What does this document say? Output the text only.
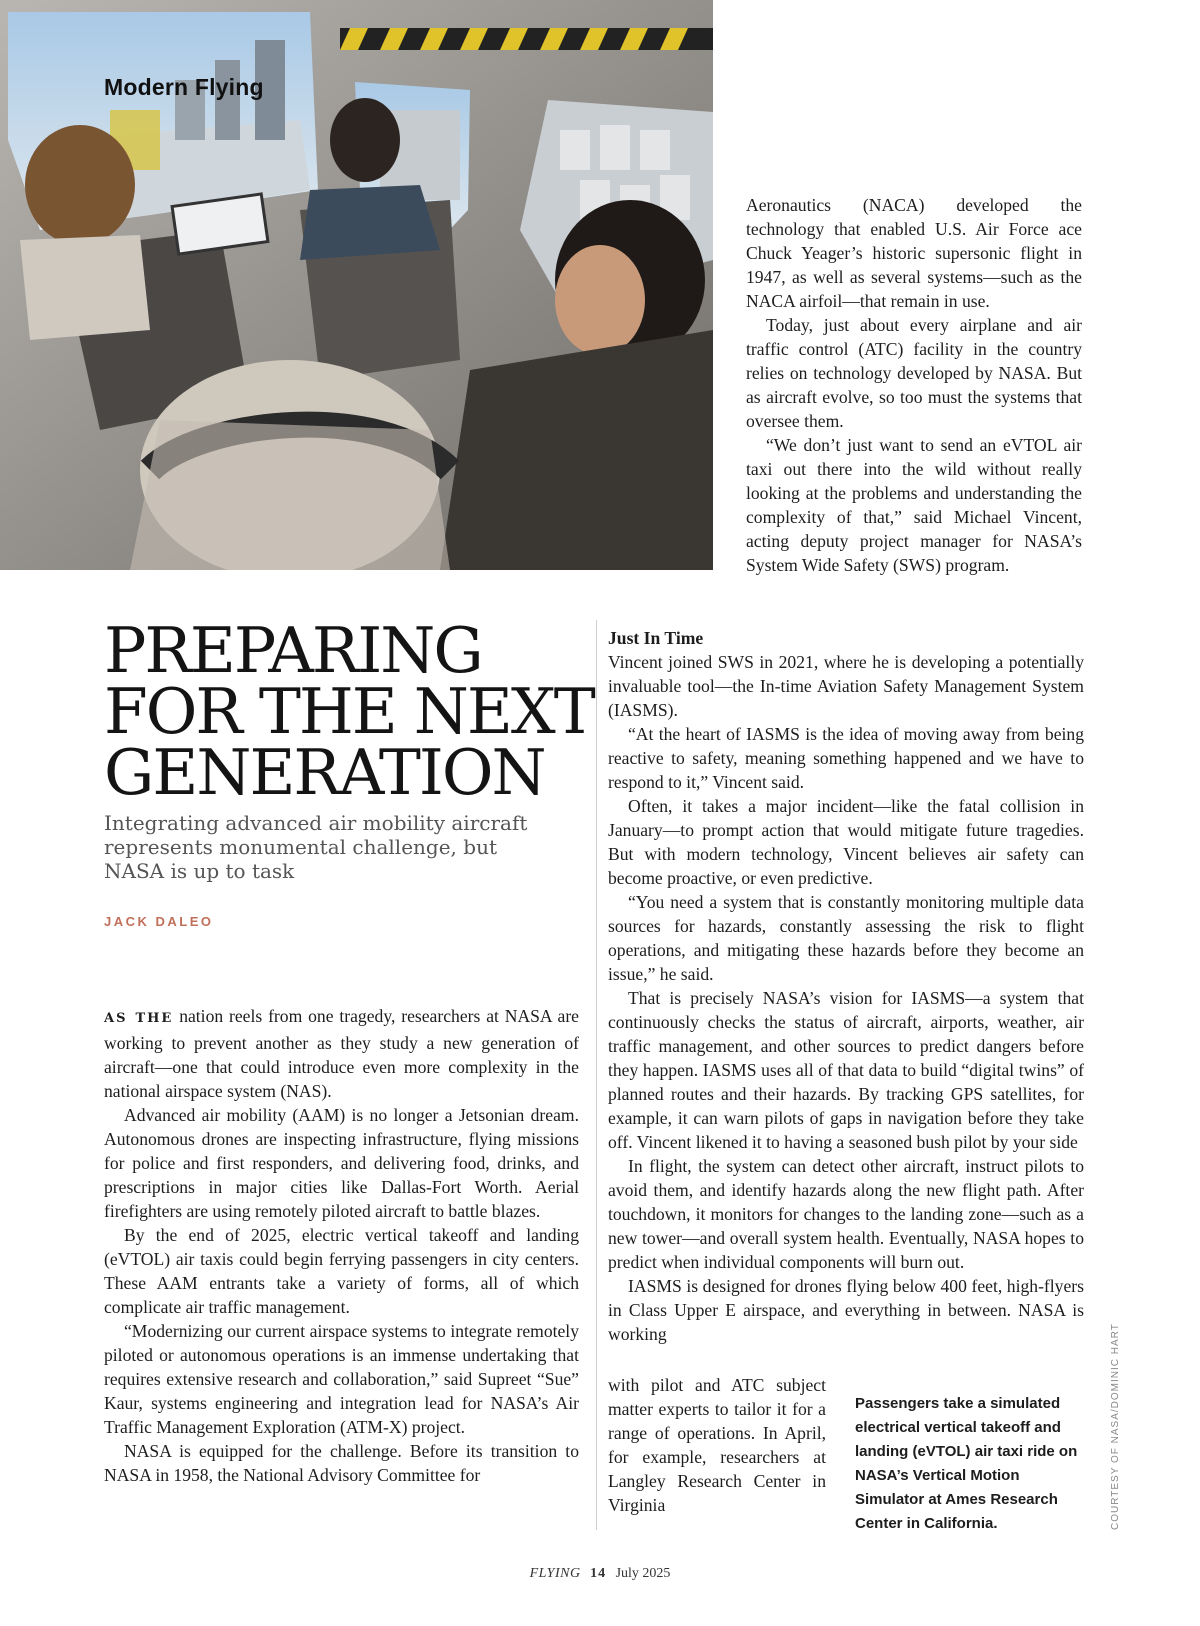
Modern Flying

Aeronautics (NACA) developed the technology that enabled U.S. Air Force ace Chuck Yeager’s historic supersonic flight in 1947, as well as several systems—such as the NACA airfoil—that remain in use.

Today, just about every airplane and air traffic control (ATC) facility in the country relies on technology developed by NASA. But as aircraft evolve, so too must the systems that oversee them.

“We don’t just want to send an eVTOL air taxi out there into the wild without really looking at the problems and understanding the complexity of that,” said Michael Vincent, acting deputy project manager for NASA’s System Wide Safety (SWS) program.

PREPARING FOR THE NEXT GENERATION

Integrating advanced air mobility aircraft represents monumental challenge, but NASA is up to task

JACK DALEO

AS THE nation reels from one tragedy, researchers at NASA are working to prevent another as they study a new generation of aircraft—one that could introduce even more complexity in the national airspace system (NAS).

Advanced air mobility (AAM) is no longer a Jetsonian dream. Autonomous drones are inspecting infrastructure, flying missions for police and first responders, and delivering food, drinks, and prescriptions in major cities like Dallas-Fort Worth. Aerial firefighters are using remotely piloted aircraft to battle blazes.

By the end of 2025, electric vertical takeoff and landing (eVTOL) air taxis could begin ferrying passengers in city centers. These AAM entrants take a variety of forms, all of which complicate air traffic management.

“Modernizing our current airspace systems to integrate remotely piloted or autonomous operations is an immense undertaking that requires extensive research and collaboration,” said Supreet “Sue” Kaur, systems engineering and integration lead for NASA’s Air Traffic Management Exploration (ATM-X) project.

NASA is equipped for the challenge. Before its transition to NASA in 1958, the National Advisory Committee for

Just In Time

Vincent joined SWS in 2021, where he is developing a potentially invaluable tool—the In-time Aviation Safety Management System (IASMS).

“At the heart of IASMS is the idea of moving away from being reactive to safety, meaning something happened and we have to respond to it,” Vincent said.

Often, it takes a major incident—like the fatal collision in January—to prompt action that would mitigate future tragedies. But with modern technology, Vincent believes air safety can become proactive, or even predictive.

“You need a system that is constantly monitoring multiple data sources for hazards, constantly assessing the risk to flight operations, and mitigating these hazards before they become an issue,” he said.

That is precisely NASA’s vision for IASMS—a system that continuously checks the status of aircraft, airports, weather, air traffic management, and other sources to predict dangers before they happen. IASMS uses all of that data to build “digital twins” of planned routes and their hazards. By tracking GPS satellites, for example, it can warn pilots of gaps in navigation before they take off. Vincent likened it to having a seasoned bush pilot by your side

In flight, the system can detect other aircraft, instruct pilots to avoid them, and identify hazards along the new flight path. After touchdown, it monitors for changes to the landing zone—such as a new tower—and overall system health. Eventually, NASA hopes to predict when individual components will burn out.

IASMS is designed for drones flying below 400 feet, high-flyers in Class Upper E airspace, and everything in between. NASA is working

with pilot and ATC subject matter experts to tailor it for a range of operations. In April, for example, researchers at Langley Research Center in Virginia

Passengers take a simulated electrical vertical takeoff and landing (eVTOL) air taxi ride on NASA’s Vertical Motion Simulator at Ames Research Center in California.	COURTESY OF NASA/DOMINIC HART
FLYING 14 July 2025
